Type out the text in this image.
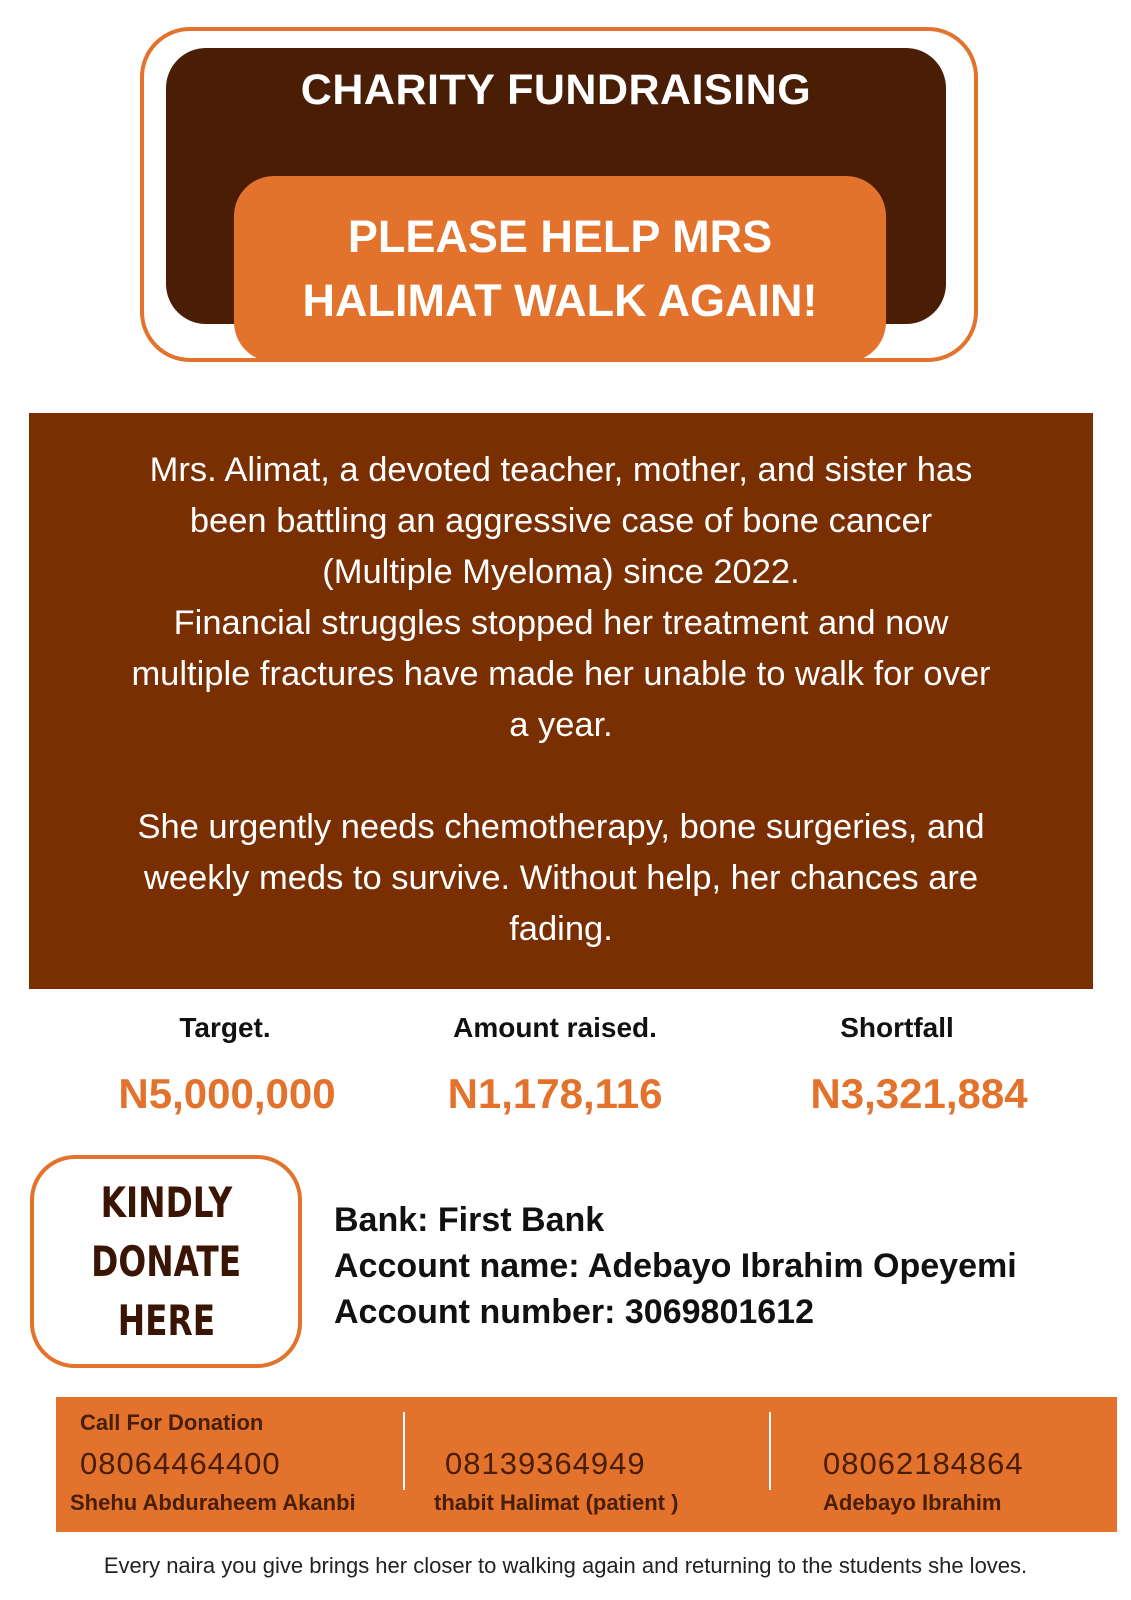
CHARITY FUNDRAISING
PLEASE HELP MRS
HALIMAT WALK AGAIN!

Mrs. Alimat, a devoted teacher, mother, and sister has

been battling an aggressive case of bone cancer

(Multiple Myeloma) since 2022.

Financial struggles stopped her treatment and now

multiple fractures have made her unable to walk for over

a year.

She urgently needs chemotherapy, bone surgeries, and

weekly meds to survive. Without help, her chances are

fading.

Target.	Amount raised.	Shortfall
N5,000,000	N1,178,116	N3,321,884
KINDLY
DONATE
HERE
Bank: First Bank
Account name: Adebayo Ibrahim Opeyemi
Account number: 3069801612
Call For Donation
08064464400
Shehu Abduraheem Akanbi
08139364949
thabit Halimat (patient )
08062184864
Adebayo Ibrahim
Every naira you give brings her closer to walking again and returning to the students she loves.
